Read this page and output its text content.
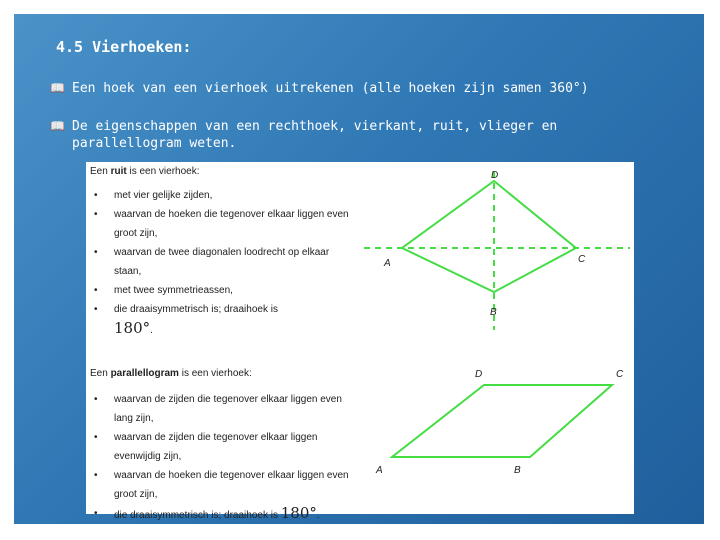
4.5 Vierhoeken:
📖 Een hoek van een vierhoek uitrekenen (alle hoeken zijn samen 360°)
📖 De eigenschappen van een rechthoek, vierkant, ruit, vlieger en parallellogram weten.
Een ruit is een vierhoek:
• met vier gelijke zijden,
• waarvan de hoeken die tegenover elkaar liggen even groot zijn,
• waarvan de twee diagonalen loodrecht op elkaar staan,
• met twee symmetrieassen,
• die draaisymmetrisch is; draaihoek is
180°.
D
A	C
B
Een parallellogram is een vierhoek:
• waarvan de zijden die tegenover elkaar liggen even lang zijn,
• waarvan de zijden die tegenover elkaar liggen evenwijdig zijn,
• waarvan de hoeken die tegenover elkaar liggen even groot zijn,
• die draaisymmetrisch is; draaihoek is 180°.
D	C
A	B
